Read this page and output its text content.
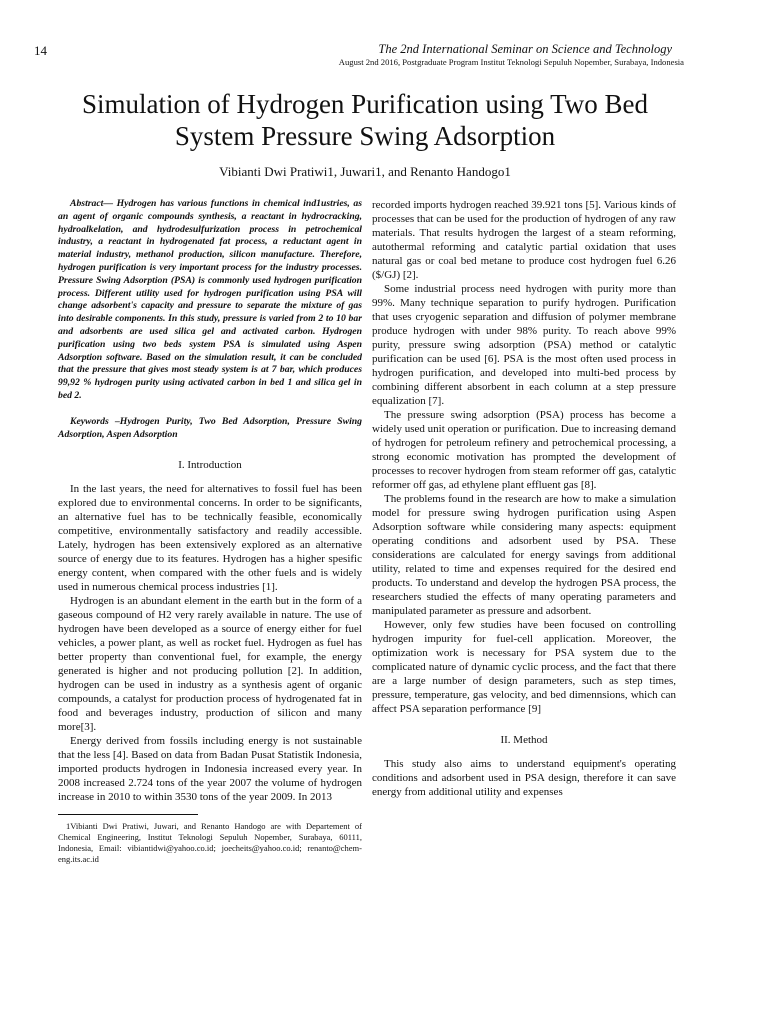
14	The 2nd International Seminar on Science and Technology
August 2nd 2016, Postgraduate Program Institut Teknologi Sepuluh Nopember, Surabaya, Indonesia
Simulation of Hydrogen Purification using Two Bed System Pressure Swing Adsorption
Vibianti Dwi Pratiwi1, Juwari1, and Renanto Handogo1

Abstract— Hydrogen has various functions in chemical ind1ustries, as an agent of organic compounds synthesis, a reactant in hydrocracking, hydroalkelation, and hydrodesulfurization process in petrochemical industry, a reactant in hydrogenated fat process, a reductant agent in material industry, methanol production, silicon manufacture. Therefore, hydrogen purification is very important process for the industry processes. Pressure Swing Adsorption (PSA) is commonly used hydrogen purification process. Different utility used for hydrogen purification using PSA will change adsorbent's capacity and pressure to separate the mixture of gas into desirable components. In this study, pressure is varied from 2 to 10 bar and adsorbents are used silica gel and activated carbon. Hydrogen purification using two beds system PSA is simulated using Aspen Adsorption software. Based on the simulation result, it can be concluded that the pressure that gives most steady system is at 7 bar, which produces 99,92 % hydrogen purity using activated carbon in bed 1 and silica gel in bed 2.

Keywords –Hydrogen Purity, Two Bed Adsorption, Pressure Swing Adsorption, Aspen Adsorption

I. Introduction

In the last years, the need for alternatives to fossil fuel has been explored due to environmental concerns. In order to be significants, an alternative fuel has to be technically feasible, economically competitive, environmentally satisfactory and readily accessible. Lately, hydrogen has been extensively explored as an alternative source of energy due to its features. Hydrogen has a higher spesific energy content, when compared with the other fuels and is widely used in numerous chemical process industries [1].

Hydrogen is an abundant element in the earth but in the form of a gaseous compound of H2 very rarely available in nature. The use of hydrogen have been developed as a source of energy either for fuel vehicles, a power plant, as well as rocket fuel. Hydrogen as fuel has better property than conventional fuel, for example, the energy generated is higher and not producing pollution [2]. In addition, hydrogen can be used in industry as a synthesis agent of organic compounds, a catalyst for production process of hydrogenated fat in food and beverages industry, production of silicon and many more[3].

Energy derived from fossils including energy is not sustainable that the less [4]. Based on data from Badan Pusat Statistik Indonesia, imported products hydrogen in Indonesia increased every year. In 2008 increased 2.724 tons of the year 2007 the volume of hydrogen increase in 2010 to within 3530 tons of the year 2009. In 2013

1Vibianti Dwi Pratiwi, Juwari, and Renanto Handogo are with Departement of Chemical Engineering, Institut Teknologi Sepuluh Nopember, Surabaya, 60111, Indonesia, Email: vibiantidwi@yahoo.co.id; joecheits@yahoo.co.id; renanto@chem-eng.its.ac.id

recorded imports hydrogen reached 39.921 tons [5]. Various kinds of processes that can be used for the production of hydrogen of any raw materials. That results hydrogen the largest of a steam reforming, autothermal reforming and catalytic partial oxidation that uses natural gas or coal bed metane to produce cost hydrogen fuel 6.26 ($/GJ) [2].

Some industrial process need hydrogen with purity more than 99%. Many technique separation to purify hydrogen. Purification that uses cryogenic separation and diffusion of polymer membrane produce hydrogen with under 98% purity. To reach above 99% purity, pressure swing adsorption (PSA) method or catalytic purification can be used [6]. PSA is the most often used process in hydrogen purification, and developed into multi-bed process by combining different absorbent in each column at a step pressure equalization [7].

The pressure swing adsorption (PSA) process has become a widely used unit operation or purification. Due to increasing demand of hydrogen for petroleum refinery and petrochemical processing, a strong economic motivation has prompted the development of processes to recover hydrogen from steam reformer off gas, catalytic reformer off gas, ad ethylene plant effluent gas [8].

The problems found in the research are how to make a simulation model for pressure swing hydrogen purification using Aspen Adsorption software while considering many aspects: equipment operating conditions and adsorbent used by PSA. These considerations are calculated for energy savings from additional utility, related to time and expenses required for the desired end products. To understand and develop the hydrogen PSA process, the researchers studied the effects of many operating parameters and manipulated parameter as pressure and adsorbent.

However, only few studies have been focused on controlling hydrogen impurity for fuel-cell application. Moreover, the optimization work is necessary for PSA system due to the complicated nature of dynamic cyclic process, and the fact that there are a large number of design parameters, such as step times, pressure, temperature, gas velocity, and bed dimennsions, which can affect PSA separation performance [9]

II. Method

This study also aims to understand equipment's operating conditions and adsorbent used in PSA design, therefore it can save energy from additional utility and expenses
